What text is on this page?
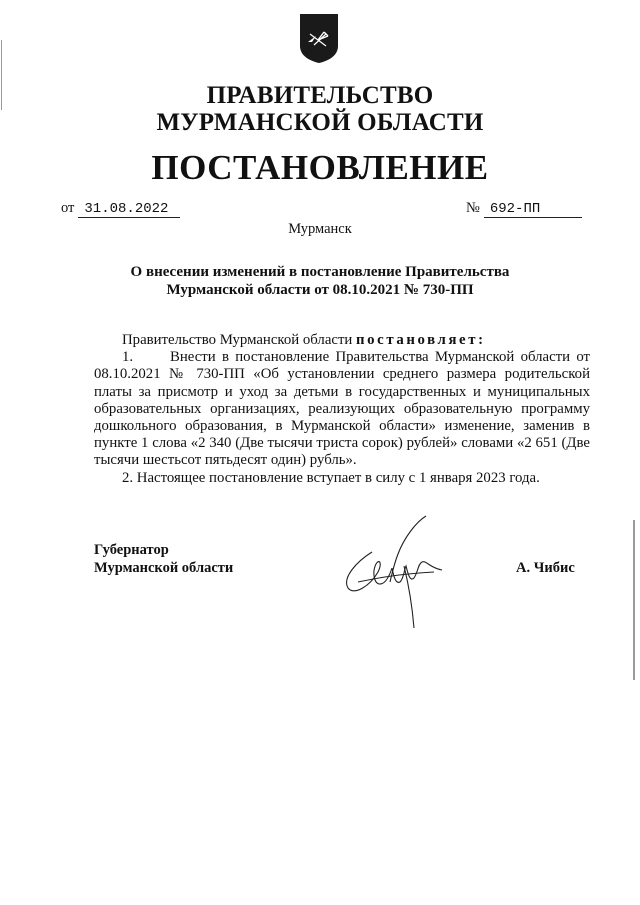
ПРАВИТЕЛЬСТВО
МУРМАНСКОЙ ОБЛАСТИ
ПОСТАНОВЛЕНИЕ
от 31.08.2022	№ 692-ПП
Мурманск
О внесении изменений в постановление Правительства
Мурманской области от 08.10.2021 № 730-ПП

Правительство Мурманской области постановляет:

1. Внести в постановление Правительства Мурманской области от 08.10.2021 № 730-ПП «Об установлении среднего размера родительской платы за присмотр и уход за детьми в государственных и муниципальных образовательных организациях, реализующих образовательную программу дошкольного образования, в Мурманской области» изменение, заменив в пункте 1 слова «2 340 (Две тысячи триста сорок) рублей» словами «2 651 (Две тысячи шестьсот пятьдесят один) рубль».

2. Настоящее постановление вступает в силу с 1 января 2023 года.

Губернатор
Мурманской области	А. Чибис
